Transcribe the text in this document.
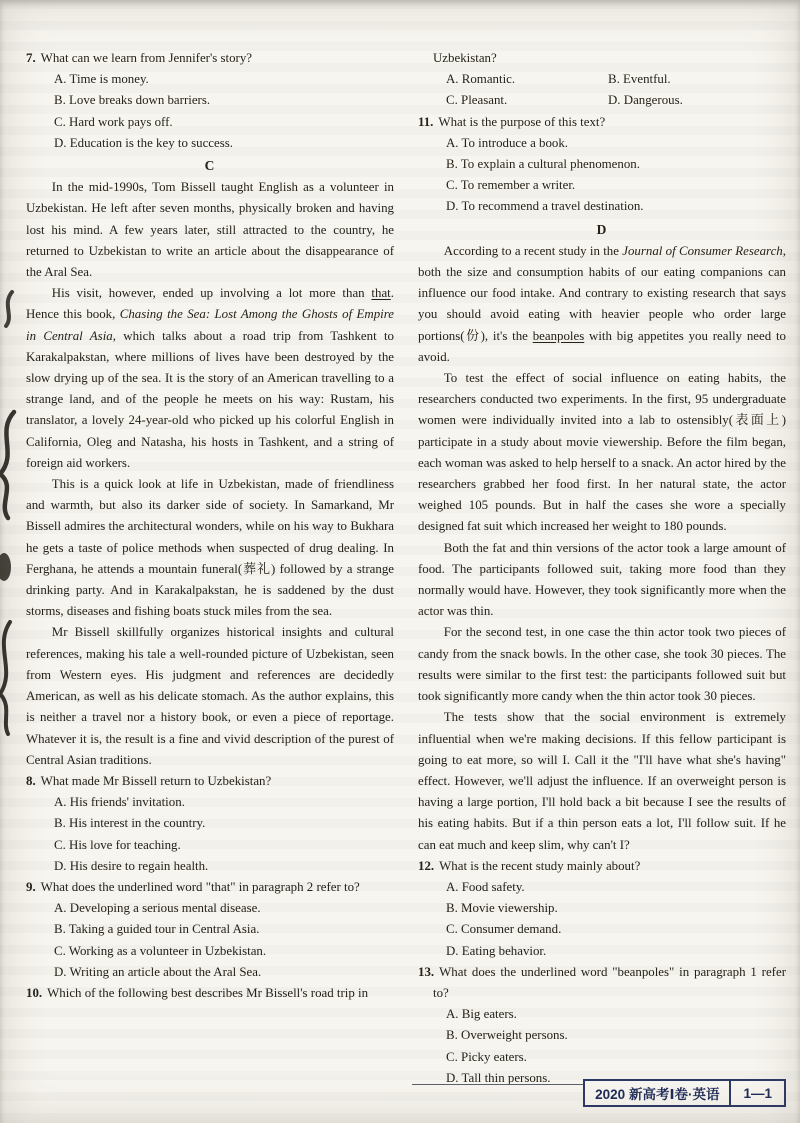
7. What can we learn from Jennifer's story?
A. Time is money.
B. Love breaks down barriers.
C. Hard work pays off.
D. Education is the key to success.
C

In the mid-1990s, Tom Bissell taught English as a volunteer in Uzbekistan. He left after seven months, physically broken and having lost his mind. A few years later, still attracted to the country, he returned to Uzbekistan to write an article about the disappearance of the Aral Sea.

His visit, however, ended up involving a lot more than that. Hence this book, Chasing the Sea: Lost Among the Ghosts of Empire in Central Asia, which talks about a road trip from Tashkent to Karakalpakstan, where millions of lives have been destroyed by the slow drying up of the sea. It is the story of an American travelling to a strange land, and of the people he meets on his way: Rustam, his translator, a lovely 24-year-old who picked up his colorful English in California, Oleg and Natasha, his hosts in Tashkent, and a string of foreign aid workers.

This is a quick look at life in Uzbekistan, made of friendliness and warmth, but also its darker side of society. In Samarkand, Mr Bissell admires the architectural wonders, while on his way to Bukhara he gets a taste of police methods when suspected of drug dealing. In Ferghana, he attends a mountain funeral(葬礼) followed by a strange drinking party. And in Karakalpakstan, he is saddened by the dust storms, diseases and fishing boats stuck miles from the sea.

Mr Bissell skillfully organizes historical insights and cultural references, making his tale a well-rounded picture of Uzbekistan, seen from Western eyes. His judgment and references are decidedly American, as well as his delicate stomach. As the author explains, this is neither a travel nor a history book, or even a piece of reportage. Whatever it is, the result is a fine and vivid description of the purest of Central Asian traditions.

8. What made Mr Bissell return to Uzbekistan?
A. His friends' invitation.
B. His interest in the country.
C. His love for teaching.
D. His desire to regain health.
9. What does the underlined word "that" in paragraph 2 refer to?
A. Developing a serious mental disease.
B. Taking a guided tour in Central Asia.
C. Working as a volunteer in Uzbekistan.
D. Writing an article about the Aral Sea.
10. Which of the following best describes Mr Bissell's road trip in
Uzbekistan?
A. Romantic.	B. Eventful.
C. Pleasant.	D. Dangerous.
11. What is the purpose of this text?
A. To introduce a book.
B. To explain a cultural phenomenon.
C. To remember a writer.
D. To recommend a travel destination.
D

According to a recent study in the Journal of Consumer Research, both the size and consumption habits of our eating companions can influence our food intake. And contrary to existing research that says you should avoid eating with heavier people who order large portions(份), it's the beanpoles with big appetites you really need to avoid.

To test the effect of social influence on eating habits, the researchers conducted two experiments. In the first, 95 undergraduate women were individually invited into a lab to ostensibly(表面上) participate in a study about movie viewership. Before the film began, each woman was asked to help herself to a snack. An actor hired by the researchers grabbed her food first. In her natural state, the actor weighed 105 pounds. But in half the cases she wore a specially designed fat suit which increased her weight to 180 pounds.

Both the fat and thin versions of the actor took a large amount of food. The participants followed suit, taking more food than they normally would have. However, they took significantly more when the actor was thin.

For the second test, in one case the thin actor took two pieces of candy from the snack bowls. In the other case, she took 30 pieces. The results were similar to the first test: the participants followed suit but took significantly more candy when the thin actor took 30 pieces.

The tests show that the social environment is extremely influential when we're making decisions. If this fellow participant is going to eat more, so will I. Call it the "I'll have what she's having" effect. However, we'll adjust the influence. If an overweight person is having a large portion, I'll hold back a bit because I see the results of his eating habits. But if a thin person eats a lot, I'll follow suit. If he can eat much and keep slim, why can't I?

12. What is the recent study mainly about?
A. Food safety.
B. Movie viewership.
C. Consumer demand.
D. Eating behavior.
13. What does the underlined word "beanpoles" in paragraph 1 refer to?
A. Big eaters.
B. Overweight persons.
C. Picky eaters.
D. Tall thin persons.
2020 新高考Ⅰ卷·英语	1—1
